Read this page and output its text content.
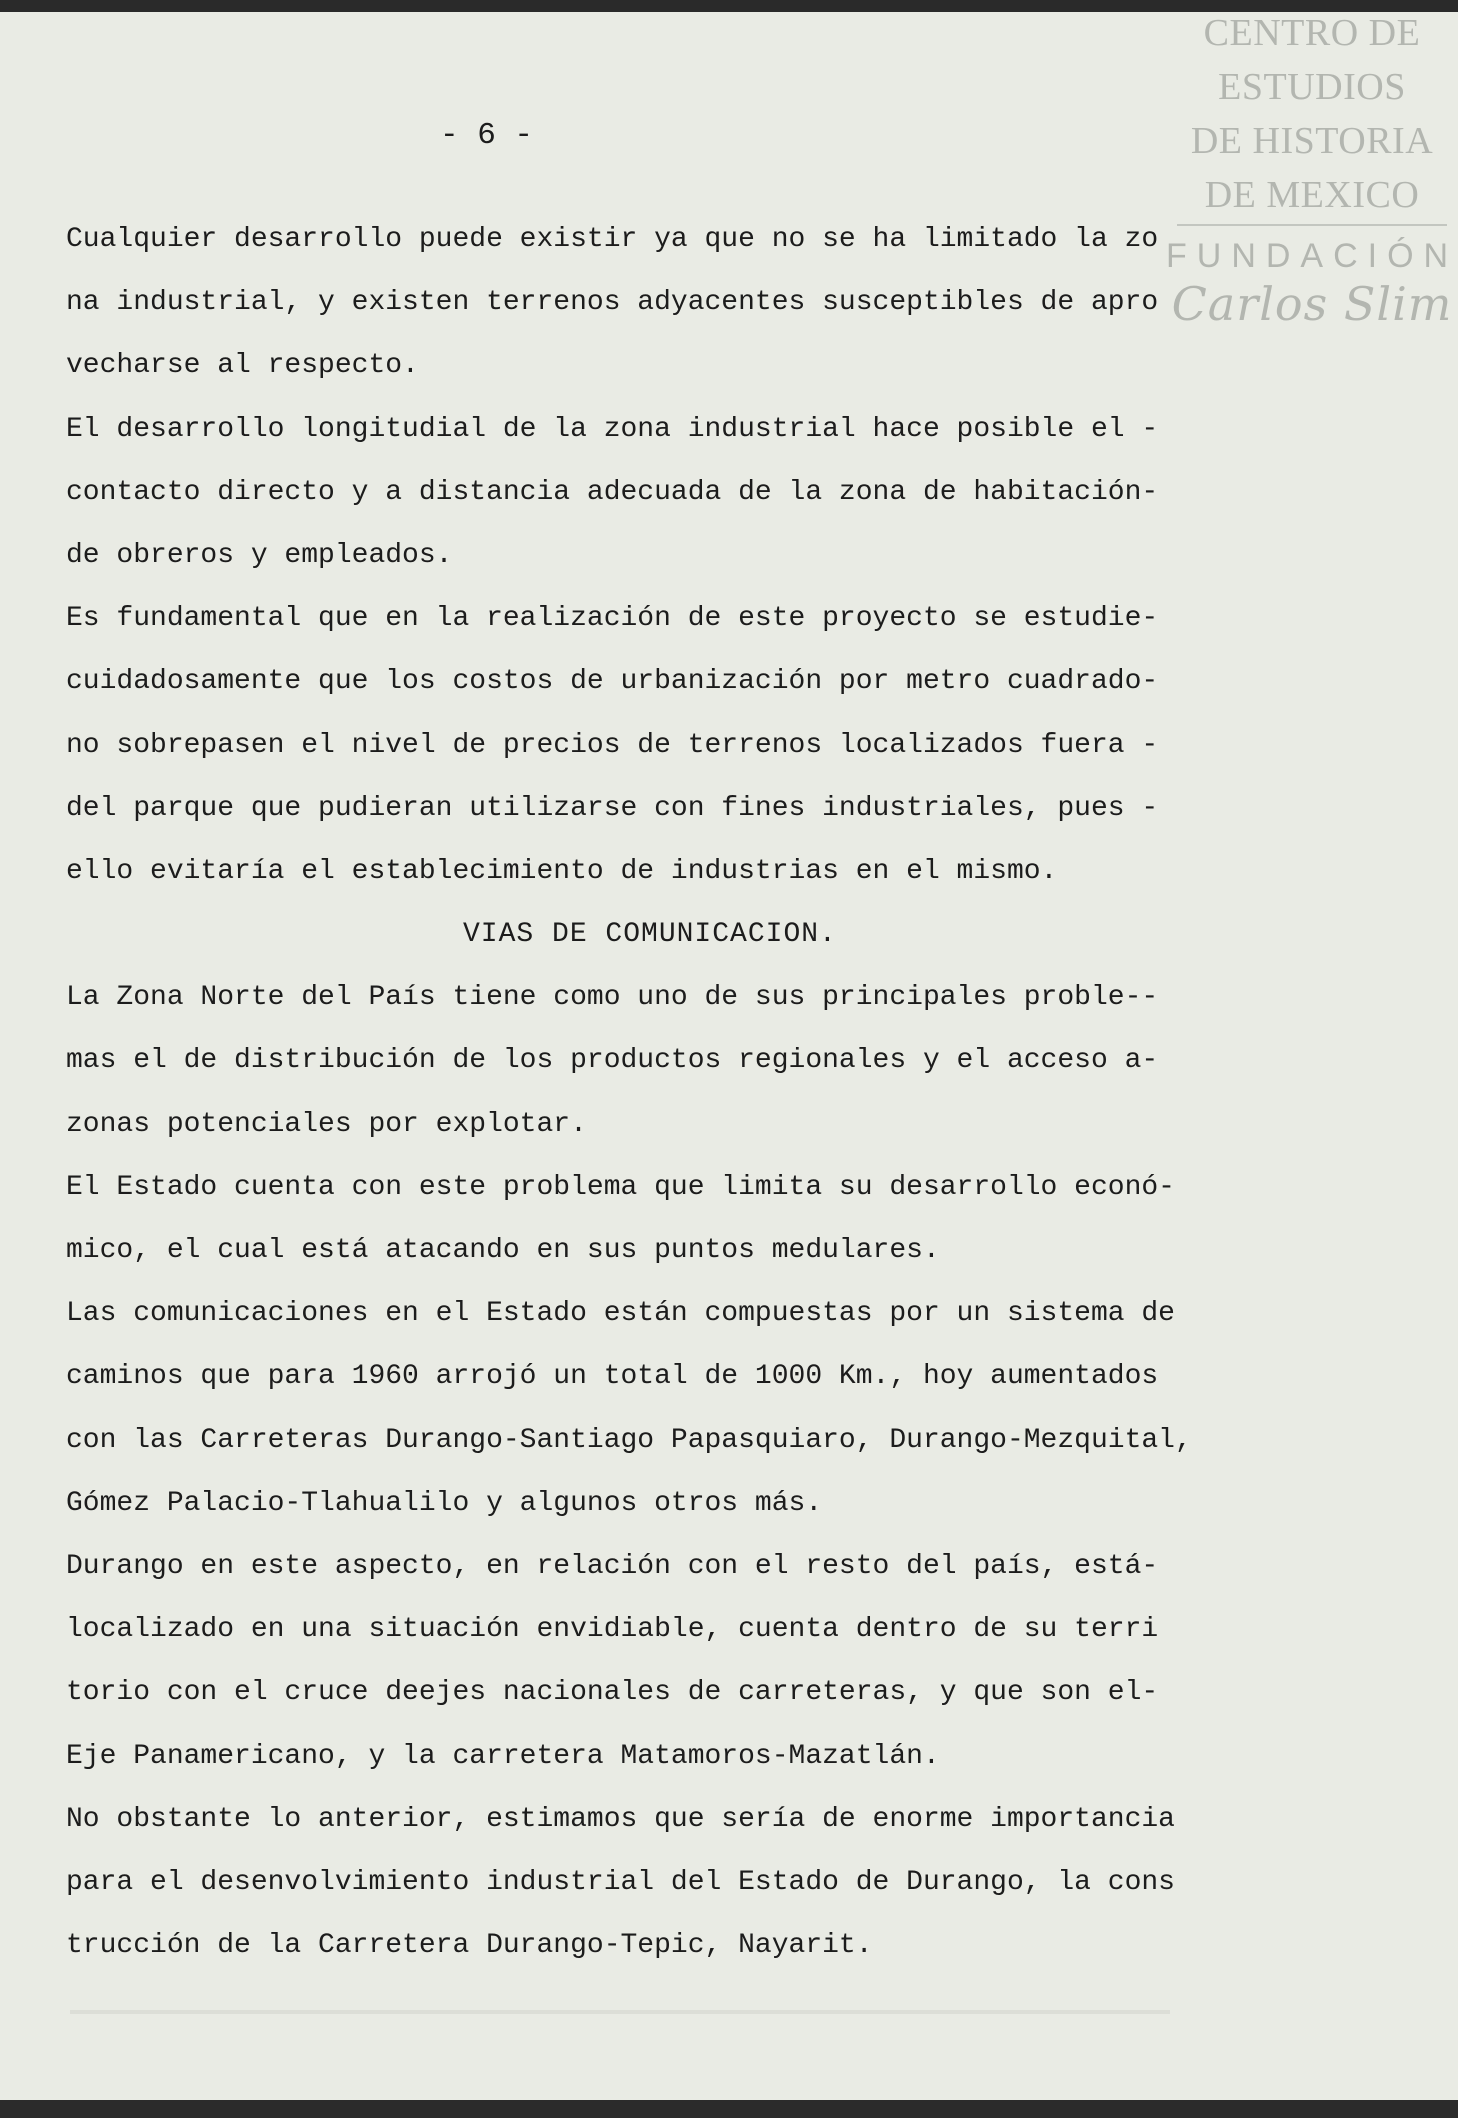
CENTRO DE
ESTUDIOS
DE HISTORIA
DE MEXICO
FUNDACIÓN
Carlos Slim
- 6 -
Cualquier desarrollo puede existir ya que no se ha limitado la zo
na industrial, y existen terrenos adyacentes susceptibles de apro
vecharse al respecto.
El desarrollo longitudial de la zona industrial hace posible el -
contacto directo y a distancia adecuada de la zona de habitación-
de obreros y empleados.
Es fundamental que en la realización de este proyecto se estudie-
cuidadosamente que los costos de urbanización por metro cuadrado-
no sobrepasen el nivel de precios de terrenos localizados fuera -
del parque que pudieran utilizarse con fines industriales, pues -
ello evitaría el establecimiento de industrias en el mismo.
VIAS DE COMUNICACION.
La Zona Norte del País tiene como uno de sus principales proble--
mas el de distribución de los productos regionales y el acceso a-
zonas potenciales por explotar.
El Estado cuenta con este problema que limita su desarrollo econó-
mico, el cual está atacando en sus puntos medulares.
Las comunicaciones en el Estado están compuestas por un sistema de
caminos que para 1960 arrojó un total de 1000 Km., hoy aumentados
con las Carreteras Durango-Santiago Papasquiaro, Durango-Mezquital,
Gómez Palacio-Tlahualilo y algunos otros más.
Durango en este aspecto, en relación con el resto del país, está-
localizado en una situación envidiable, cuenta dentro de su terri
torio con el cruce deejes nacionales de carreteras, y que son el-
Eje Panamericano, y la carretera Matamoros-Mazatlán.
No obstante lo anterior, estimamos que sería de enorme importancia
para el desenvolvimiento industrial del Estado de Durango, la cons
trucción de la Carretera Durango-Tepic, Nayarit.
